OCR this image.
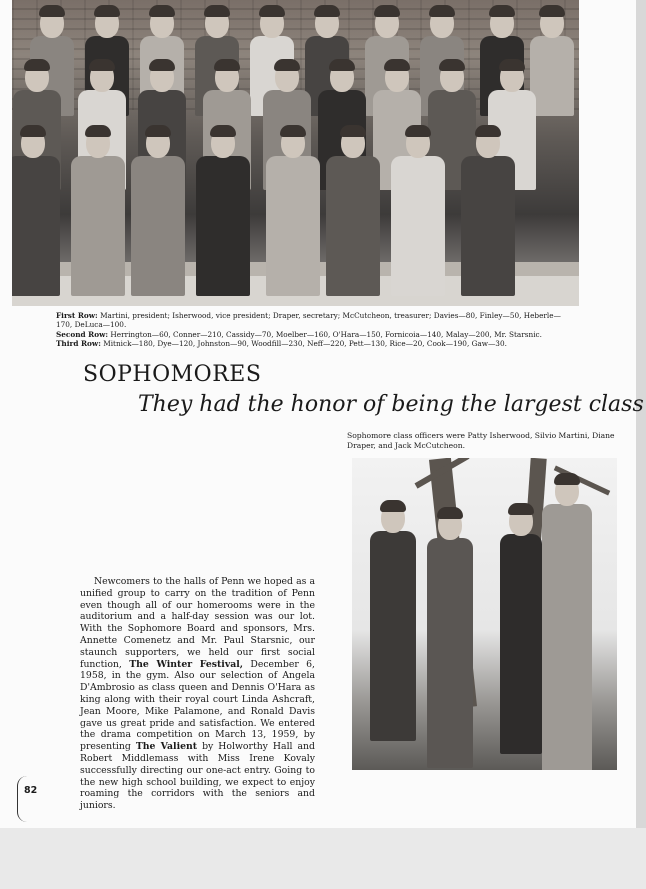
First Row: Martini, president; Isherwood, vice president; Draper, secretary; McCutcheon, treasurer; Davies—80, Finley—50, Heberle—170, DeLuca—100.
Second Row: Herrington—60, Conner—210, Cassidy—70, Moelber—160, O'Hara—150, Fornicoia—140, Malay—200, Mr. Starsnic.
Third Row: Mitnick—180, Dye—120, Johnston—90, Woodfill—230, Neff—220, Pett—130, Rice—20, Cook—190, Gaw—30.
SOPHOMORES
They had the honor of being the largest class
Sophomore class officers were Patty Isherwood, Silvio Martini, Diane Draper, and Jack McCutcheon.
Newcomers to the halls of Penn we hoped as a unified group to carry on the tradition of Penn even though all of our homerooms were in the auditorium and a half-day session was our lot. With the Sophomore Board and sponsors, Mrs. Annette Comenetz and Mr. Paul Starsnic, our staunch supporters, we held our first social function, The Winter Festival, December 6, 1958, in the gym. Also our selection of Angela D'Ambrosio as class queen and Dennis O'Hara as king along with their royal court Linda Ashcraft, Jean Moore, Mike Palamone, and Ronald Davis gave us great pride and satisfaction. We entered the drama competition on March 13, 1959, by presenting The Valient by Holworthy Hall and Robert Middlemass with Miss Irene Kovaly successfully directing our one-act entry. Going to the new high school building, we expect to enjoy roaming the corridors with the seniors and juniors.
82
